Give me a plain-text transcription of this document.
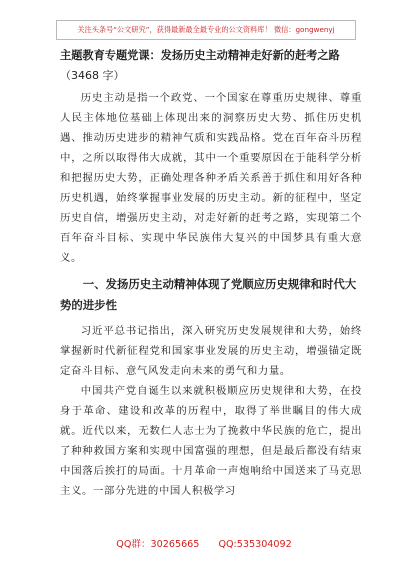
关注头条号“公文研究”，获得最新最全最专业的公文资料库！ 微信：gongwenyj

主题教育专题党课：发扬历史主动精神走好新的赶考之路

（3468 字）

历史主动是指一个政党、一个国家在尊重历史规律、尊重人民主体地位基础上体现出来的洞察历史大势、抓住历史机遇、推动历史进步的精神气质和实践品格。党在百年奋斗历程中，之所以取得伟大成就，其中一个重要原因在于能科学分析和把握历史大势，正确处理各种矛盾关系善于抓住和用好各种历史机遇，始终掌握事业发展的历史主动。新的征程中，坚定历史自信，增强历史主动，对走好新的赶考之路，实现第二个百年奋斗目标、实现中华民族伟大复兴的中国梦具有重大意义。

一、发扬历史主动精神体现了党顺应历史规律和时代大势的进步性

习近平总书记指出，深入研究历史发展规律和大势，始终掌握新时代新征程党和国家事业发展的历史主动，增强锚定既定奋斗目标、意气风发走向未来的勇气和力量。

中国共产党自诞生以来就积极顺应历史规律和大势，在投身于革命、建设和改革的历程中，取得了举世瞩目的伟大成就。近代以来，无数仁人志士为了挽救中华民族的危亡，提出了种种救国方案和实现中国富强的理想，但是最后都没有结束中国落后挨打的局面。十月革命一声炮响给中国送来了马克思主义。一部分先进的中国人积极学习

QQ群：30265665 QQ:535304092
